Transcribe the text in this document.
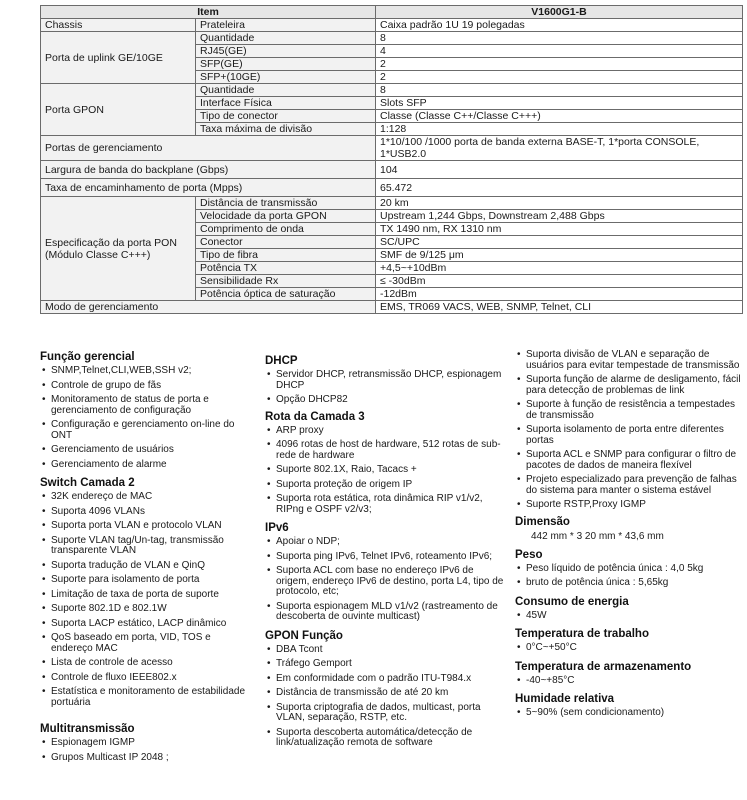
Item		V1600G1-B
Chassis	Prateleira	Caixa padrão 1U 19 polegadas
Porta de uplink GE/10GE	Quantidade	8
	RJ45(GE)	4
	SFP(GE)	2
	SFP+(10GE)	2
Porta GPON	Quantidade	8
	Interface Física	Slots SFP
	Tipo de conector	Classe (Classe C++/Classe C+++)
	Taxa máxima de divisão	1:128
Portas de gerenciamento		1*10/100 /1000 porta de banda externa BASE-T, 1*porta CONSOLE, 1*USB2.0
Largura de banda do backplane (Gbps)		104
Taxa de encaminhamento de porta (Mpps)		65.472
Especificação da porta PON (Módulo Classe C+++)	Distância de transmissão	20 km
	Velocidade da porta GPON	Upstream 1,244 Gbps, Downstream 2,488 Gbps
	Comprimento de onda	TX 1490 nm, RX 1310 nm
	Conector	SC/UPC
	Tipo de fibra	SMF de 9/125 μm
	Potência TX	+4,5~+10dBm
	Sensibilidade Rx	≤ -30dBm
	Potência óptica de saturação	-12dBm
Modo de gerenciamento		EMS, TR069 VACS, WEB, SNMP, Telnet, CLI
Função gerencial
• SNMP,Telnet,CLI,WEB,SSH v2;
• Controle de grupo de fãs
• Monitoramento de status de porta e gerenciamento de configuração
• Configuração e gerenciamento on-line do ONT
• Gerenciamento de usuários
• Gerenciamento de alarme
Switch Camada 2
• 32K endereço de MAC
• Suporta 4096 VLANs
• Suporta porta VLAN e protocolo VLAN
• Suporte VLAN tag/Un-tag, transmissão transparente VLAN
• Suporta tradução de VLAN e QinQ
• Suporte para isolamento de porta
• Limitação de taxa de porta de suporte
• Suporte 802.1D e 802.1W
• Suporta LACP estático, LACP dinâmico
• QoS baseado em porta, VID, TOS e endereço MAC
• Lista de controle de acesso
• Controle de fluxo IEEE802.x
• Estatística e monitoramento de estabilidade portuária
Multitransmissão
• Espionagem IGMP
• Grupos Multicast IP 2048 ;
DHCP
• Servidor DHCP, retransmissão DHCP, espionagem DHCP
• Opção DHCP82
Rota da Camada 3
• ARP proxy
• 4096 rotas de host de hardware, 512 rotas de sub-rede de hardware
• Suporte 802.1X, Raio, Tacacs +
• Suporta proteção de origem IP
• Suporta rota estática, rota dinâmica RIP v1/v2, RIPng e OSPF v2/v3;
IPv6
• Apoiar o NDP;
• Suporta ping IPv6, Telnet IPv6, roteamento IPv6;
• Suporta ACL com base no endereço IPv6 de origem, endereço IPv6 de destino, porta L4, tipo de protocolo, etc;
• Suporta espionagem MLD v1/v2 (rastreamento de descoberta de ouvinte multicast)
GPON Função
• DBA Tcont
• Tráfego Gemport
• Em conformidade com o padrão ITU-T984.x
• Distância de transmissão de até 20 km
• Suporta criptografia de dados, multicast, porta VLAN, separação, RSTP, etc.
• Suporta descoberta automática/detecção de link/atualização remota de software
• Suporta divisão de VLAN e separação de usuários para evitar tempestade de transmissão
• Suporta função de alarme de desligamento, fácil para detecção de problemas de link
• Suporte à função de resistência a tempestades de transmissão
• Suporta isolamento de porta entre diferentes portas
• Suporta ACL e SNMP para configurar o filtro de pacotes de dados de maneira flexível
• Projeto especializado para prevenção de falhas do sistema para manter o sistema estável
• Suporte RSTP,Proxy IGMP
Dimensão
442 mm * 3 20 mm * 43,6 mm
Peso
• Peso líquido de potência única : 4,0 5kg
• bruto de potência única : 5,65kg
Consumo de energia
• 45W
Temperatura de trabalho
• 0°C~+50°C
Temperatura de armazenamento
• -40~+85°C
Humidade relativa
• 5~90% (sem condicionamento)
